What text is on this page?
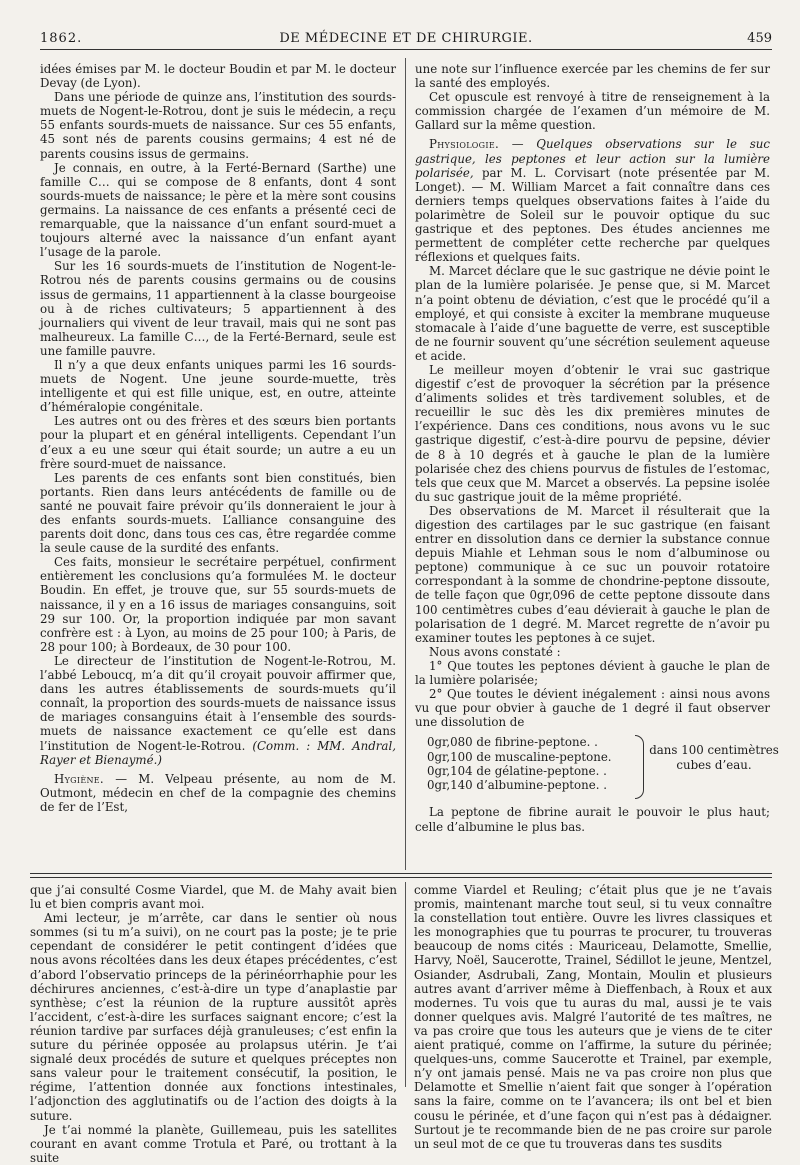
1862.	DE MÉDECINE ET DE CHIRURGIE.	459

idées émises par M. le docteur Boudin et par M. le docteur Devay (de Lyon).

Dans une période de quinze ans, l’institution des sourds-muets de Nogent-le-Rotrou, dont je suis le médecin, a reçu 55 enfants sourds-muets de naissance. Sur ces 55 enfants, 45 sont nés de parents cousins germains; 4 est né de parents cousins issus de germains.

Je connais, en outre, à la Ferté-Bernard (Sarthe) une famille C… qui se compose de 8 enfants, dont 4 sont sourds-muets de naissance; le père et la mère sont cousins germains. La naissance de ces enfants a présenté ceci de remarquable, que la naissance d’un enfant sourd-muet a toujours alterné avec la naissance d’un enfant ayant l’usage de la parole.

Sur les 16 sourds-muets de l’institution de Nogent-le-Rotrou nés de parents cousins germains ou de cousins issus de germains, 11 appartiennent à la classe bourgeoise ou à de riches cultivateurs; 5 appartiennent à des journaliers qui vivent de leur travail, mais qui ne sont pas malheureux. La famille C…, de la Ferté-Bernard, seule est une famille pauvre.

Il n’y a que deux enfants uniques parmi les 16 sourds-muets de Nogent. Une jeune sourde-muette, très intelligente et qui est fille unique, est, en outre, atteinte d’héméralopie congénitale.

Les autres ont ou des frères et des sœurs bien portants pour la plupart et en général intelligents. Cependant l’un d’eux a eu une sœur qui était sourde; un autre a eu un frère sourd-muet de naissance.

Les parents de ces enfants sont bien constitués, bien portants. Rien dans leurs antécédents de famille ou de santé ne pouvait faire prévoir qu’ils donneraient le jour à des enfants sourds-muets. L’alliance consanguine des parents doit donc, dans tous ces cas, être regardée comme la seule cause de la surdité des enfants.

Ces faits, monsieur le secrétaire perpétuel, confirment entièrement les conclusions qu’a formulées M. le docteur Boudin. En effet, je trouve que, sur 55 sourds-muets de naissance, il y en a 16 issus de mariages consanguins, soit 29 sur 100. Or, la proportion indiquée par mon savant confrère est : à Lyon, au moins de 25 pour 100; à Paris, de 28 pour 100; à Bordeaux, de 30 pour 100.

Le directeur de l’institution de Nogent-le-Rotrou, M. l’abbé Leboucq, m’a dit qu’il croyait pouvoir affirmer que, dans les autres établissements de sourds-muets qu’il connaît, la proportion des sourds-muets de naissance issus de mariages consanguins était à l’ensemble des sourds-muets de naissance exactement ce qu’elle est dans l’institution de Nogent-le-Rotrou. (Comm. : MM. Andral, Rayer et Bienaymé.)

Hygiène. — M. Velpeau présente, au nom de M. Outmont, médecin en chef de la compagnie des chemins de fer de l’Est,

une note sur l’influence exercée par les chemins de fer sur la santé des employés.

Cet opuscule est renvoyé à titre de renseignement à la commission chargée de l’examen d’un mémoire de M. Gallard sur la même question.

Physiologie. — Quelques observations sur le suc gastrique, les peptones et leur action sur la lumière polarisée, par M. L. Corvisart (note présentée par M. Longet). — M. William Marcet a fait connaître dans ces derniers temps quelques observations faites à l’aide du polarimètre de Soleil sur le pouvoir optique du suc gastrique et des peptones. Des études anciennes me permettent de compléter cette recherche par quelques réflexions et quelques faits.

M. Marcet déclare que le suc gastrique ne dévie point le plan de la lumière polarisée. Je pense que, si M. Marcet n’a point obtenu de déviation, c’est que le procédé qu’il a employé, et qui consiste à exciter la membrane muqueuse stomacale à l’aide d’une baguette de verre, est susceptible de ne fournir souvent qu’une sécrétion seulement aqueuse et acide.

Le meilleur moyen d’obtenir le vrai suc gastrique digestif c’est de provoquer la sécrétion par la présence d’aliments solides et très tardivement solubles, et de recueillir le suc dès les dix premières minutes de l’expérience. Dans ces conditions, nous avons vu le suc gastrique digestif, c’est-à-dire pourvu de pepsine, dévier de 8 à 10 degrés et à gauche le plan de la lumière polarisée chez des chiens pourvus de fistules de l’estomac, tels que ceux que M. Marcet a observés. La pepsine isolée du suc gastrique jouit de la même propriété.

Des observations de M. Marcet il résulterait que la digestion des cartilages par le suc gastrique (en faisant entrer en dissolution dans ce dernier la substance connue depuis Miahle et Lehman sous le nom d’albuminose ou peptone) communique à ce suc un pouvoir rotatoire correspondant à la somme de chondrine-peptone dissoute, de telle façon que 0gr,096 de cette peptone dissoute dans 100 centimètres cubes d’eau dévierait à gauche le plan de polarisation de 1 degré. M. Marcet regrette de n’avoir pu examiner toutes les peptones à ce sujet.

Nous avons constaté :

1° Que toutes les peptones dévient à gauche le plan de la lumière polarisée;

2° Que toutes le dévient inégalement : ainsi nous avons vu que pour obvier à gauche de 1 degré il faut observer une dissolution de

0gr,080 de fibrine-peptone. .
0gr,100 de muscaline-peptone.
0gr,104 de gélatine-peptone. .
0gr,140 d’albumine-peptone. .
dans 100 centimètres cubes d’eau.

La peptone de fibrine aurait le pouvoir le plus haut; celle d’albumine le plus bas.

que j’ai consulté Cosme Viardel, que M. de Mahy avait bien lu et bien compris avant moi.

Ami lecteur, je m’arrête, car dans le sentier où nous sommes (si tu m’a suivi), on ne court pas la poste; je te prie cependant de considérer le petit contingent d’idées que nous avons récoltées dans les deux étapes précédentes, c’est d’abord l’observatio princeps de la périnéorrhaphie pour les déchirures anciennes, c’est-à-dire un type d’anaplastie par synthèse; c’est la réunion de la rupture aussitôt après l’accident, c’est-à-dire les surfaces saignant encore; c’est la réunion tardive par surfaces déjà granuleuses; c’est enfin la suture du périnée opposée au prolapsus utérin. Je t’ai signalé deux procédés de suture et quelques préceptes non sans valeur pour le traitement consécutif, la position, le régime, l’attention donnée aux fonctions intestinales, l’adjonction des agglutinatifs ou de l’action des doigts à la suture.

Je t’ai nommé la planète, Guillemeau, puis les satellites courant en avant comme Trotula et Paré, ou trottant à la suite

comme Viardel et Reuling; c’était plus que je ne t’avais promis, maintenant marche tout seul, si tu veux connaître la constellation tout entière. Ouvre les livres classiques et les monographies que tu pourras te procurer, tu trouveras beaucoup de noms cités : Mauriceau, Delamotte, Smellie, Harvy, Noël, Saucerotte, Trainel, Sédillot le jeune, Mentzel, Osiander, Asdrubali, Zang, Montain, Moulin et plusieurs autres avant d’arriver même à Dieffenbach, à Roux et aux modernes. Tu vois que tu auras du mal, aussi je te vais donner quelques avis. Malgré l’autorité de tes maîtres, ne va pas croire que tous les auteurs que je viens de te citer aient pratiqué, comme on l’affirme, la suture du périnée; quelques-uns, comme Saucerotte et Trainel, par exemple, n’y ont jamais pensé. Mais ne va pas croire non plus que Delamotte et Smellie n’aient fait que songer à l’opération sans la faire, comme on te l’avancera; ils ont bel et bien cousu le périnée, et d’une façon qui n’est pas à dédaigner. Surtout je te recommande bien de ne pas croire sur parole un seul mot de ce que tu trouveras dans tes susdits
